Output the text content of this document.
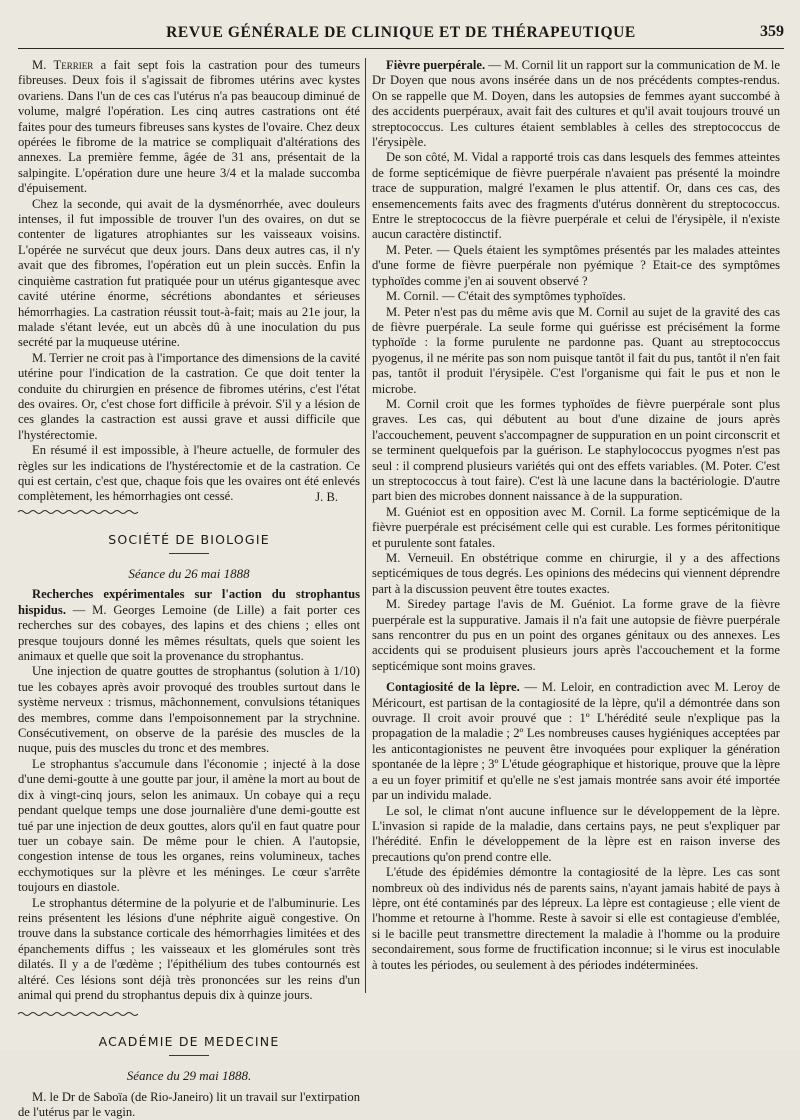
REVUE GÉNÉRALE DE CLINIQUE ET DE THÉRAPEUTIQUE	359

M. Terrier a fait sept fois la castration pour des tumeurs fibreuses. Deux fois il s'agissait de fibromes utérins avec kystes ovariens. Dans l'un de ces cas l'utérus n'a pas beaucoup diminué de volume, malgré l'opération. Les cinq autres castrations ont été faites pour des tumeurs fibreuses sans kystes de l'ovaire. Chez deux opérées le fibrome de la matrice se compliquait d'altérations des annexes. La première femme, âgée de 31 ans, présentait de la salpingite. L'opération dure une heure 3/4 et la malade succomba d'épuisement.

Chez la seconde, qui avait de la dysménorrhée, avec douleurs intenses, il fut impossible de trouver l'un des ovaires, on dut se contenter de ligatures atrophiantes sur les vaisseaux voisins. L'opérée ne survécut que deux jours. Dans deux autres cas, il n'y avait que des fibromes, l'opération eut un plein succès. Enfin la cinquième castration fut pratiquée pour un utérus gigantesque avec cavité utérine énorme, sécrétions abondantes et sérieuses hémorrhagies. La castration réussit tout-à-fait; mais au 21e jour, la malade s'étant levée, eut un abcès dû à une inoculation du pus secrété par la muqueuse utérine.

M. Terrier ne croit pas à l'importance des dimensions de la cavité utérine pour l'indication de la castration. Ce que doit tenter la conduite du chirurgien en présence de fibromes utérins, c'est l'état des ovaires. Or, c'est chose fort difficile à prévoir. S'il y a lésion de ces glandes la castraction est aussi grave et aussi difficile que l'hystérectomie.

En résumé il est impossible, à l'heure actuelle, de formuler des règles sur les indications de l'hystérectomie et de la castration. Ce qui est certain, c'est que, chaque fois que les ovaires ont été enlevés complètement, les hémorrhagies ont cessé.	J. B.
SOCIÉTÉ DE BIOLOGIE
Séance du 26 mai 1888

Recherches expérimentales sur l'action du strophantus hispidus. — M. Georges Lemoine (de Lille) a fait porter ces recherches sur des cobayes, des lapins et des chiens ; elles ont presque toujours donné les mêmes résultats, quels que soient les animaux et quelle que soit la provenance du strophantus.

Une injection de quatre gouttes de strophantus (solution à 1/10) tue les cobayes après avoir provoqué des troubles surtout dans le système nerveux : trismus, mâchonnement, convulsions tétaniques des membres, comme dans l'empoisonnement par la strychnine. Consécutivement, on observe de la parésie des muscles de la nuque, puis des muscles du tronc et des membres.

Le strophantus s'accumule dans l'économie ; injecté à la dose d'une demi-goutte à une goutte par jour, il amène la mort au bout de dix à vingt-cinq jours, selon les animaux. Un cobaye qui a reçu pendant quelque temps une dose journalière d'une demi-goutte est tué par une injection de deux gouttes, alors qu'il en faut quatre pour tuer un cobaye sain. De même pour le chien. A l'autopsie, congestion intense de tous les organes, reins volumineux, taches ecchymotiques sur la plèvre et les méninges. Le cœur s'arrête toujours en diastole.

Le strophantus détermine de la polyurie et de l'albuminurie. Les reins présentent les lésions d'une néphrite aiguë congestive. On trouve dans la substance corticale des hémorrhagies limitées et des épanchements diffus ; les vaisseaux et les glomérules sont très dilatés. Il y a de l'œdème ; l'épithélium des tubes contournés est altéré. Ces lésions sont déjà très prononcées sur les reins d'un animal qui prend du strophantus depuis dix à quinze jours.

ACADÉMIE DE MEDECINE
Séance du 29 mai 1888.

M. le Dr de Saboïa (de Rio-Janeiro) lit un travail sur l'extirpation de l'utérus par le vagin.

Fièvre puerpérale. — M. Cornil lit un rapport sur la communication de M. le Dr Doyen que nous avons insérée dans un de nos précédents comptes-rendus. On se rappelle que M. Doyen, dans les autopsies de femmes ayant succombé à des accidents puerpéraux, avait fait des cultures et qu'il avait toujours trouvé un streptococcus. Les cultures étaient semblables à celles des streptococcus de l'érysipèle.

De son côté, M. Vidal a rapporté trois cas dans lesquels des femmes atteintes de forme septicémique de fièvre puerpérale n'avaient pas présenté la moindre trace de suppuration, malgré l'examen le plus attentif. Or, dans ces cas, des ensemencements faits avec des fragments d'utérus donnèrent du streptococcus. Entre le streptococcus de la fièvre puerpérale et celui de l'érysipèle, il n'existe aucun caractère distinctif.

M. Peter. — Quels étaient les symptômes présentés par les malades atteintes d'une forme de fièvre puerpérale non pyémique ? Etait-ce des symptômes typhoïdes comme j'en ai souvent observé ?

M. Cornil. — C'était des symptômes typhoïdes.

M. Peter n'est pas du même avis que M. Cornil au sujet de la gravité des cas de fièvre puerpérale. La seule forme qui guérisse est précisément la forme typhoïde : la forme purulente ne pardonne pas. Quant au streptococcus pyogenus, il ne mérite pas son nom puisque tantôt il fait du pus, tantôt il n'en fait pas, tantôt il produit l'érysipèle. C'est l'organisme qui fait le pus et non le microbe.

M. Cornil croit que les formes typhoïdes de fièvre puerpérale sont plus graves. Les cas, qui débutent au bout d'une dizaine de jours après l'accouchement, peuvent s'accompagner de suppuration en un point circonscrit et se terminent quelquefois par la guérison. Le staphylococcus pyogmes n'est pas seul : il comprend plusieurs variétés qui ont des effets variables. (M. Poter. C'est un streptococcus à tout faire). C'est là une lacune dans la bactériologie. D'autre part bien des microbes donnent naissance à de la suppuration.

M. Guéniot est en opposition avec M. Cornil. La forme septicémique de la fièvre puerpérale est précisément celle qui est curable. Les formes péritonitique et purulente sont fatales.

M. Verneuil. En obstétrique comme en chirurgie, il y a des affections septicémiques de tous degrés. Les opinions des médecins qui viennent déprendre part à la discussion peuvent être toutes exactes.

M. Siredey partage l'avis de M. Guéniot. La forme grave de la fièvre puerpérale est la suppurative. Jamais il n'a fait une autopsie de fièvre puerpérale sans rencontrer du pus en un point des organes génitaux ou des annexes. Les accidents qui se produisent plusieurs jours après l'accouchement et la forme septicémique sont moins graves.

Contagiosité de la lèpre. — M. Leloir, en contradiction avec M. Leroy de Méricourt, est partisan de la contagiosité de la lèpre, qu'il a démontrée dans son ouvrage. Il croit avoir prouvé que : 1º L'hérédité seule n'explique pas la propagation de la maladie ; 2º Les nombreuses causes hygiéniques acceptées par les anticontagionistes ne peuvent être invoquées pour expliquer la génération spontanée de la lèpre ; 3º L'étude géographique et historique, prouve que la lèpre a eu un foyer primitif et qu'elle ne s'est jamais montrée sans avoir été importée par un individu malade.

Le sol, le climat n'ont aucune influence sur le développement de la lèpre. L'invasion si rapide de la maladie, dans certains pays, ne peut s'expliquer par l'hérédité. Enfin le développement de la lèpre est en raison inverse des precautions qu'on prend contre elle.

L'étude des épidémies démontre la contagiosité de la lèpre. Les cas sont nombreux où des individus nés de parents sains, n'ayant jamais habité de pays à lèpre, ont été contaminés par des lépreux. La lèpre est contagieuse ; elle vient de l'homme et retourne à l'homme. Reste à savoir si elle est contagieuse d'emblée, si le bacille peut transmettre directement la maladie à l'homme ou la produire secondairement, sous forme de fructification inconnue; si le virus est inoculable à toutes les périodes, ou seulement à des périodes indéterminées.
